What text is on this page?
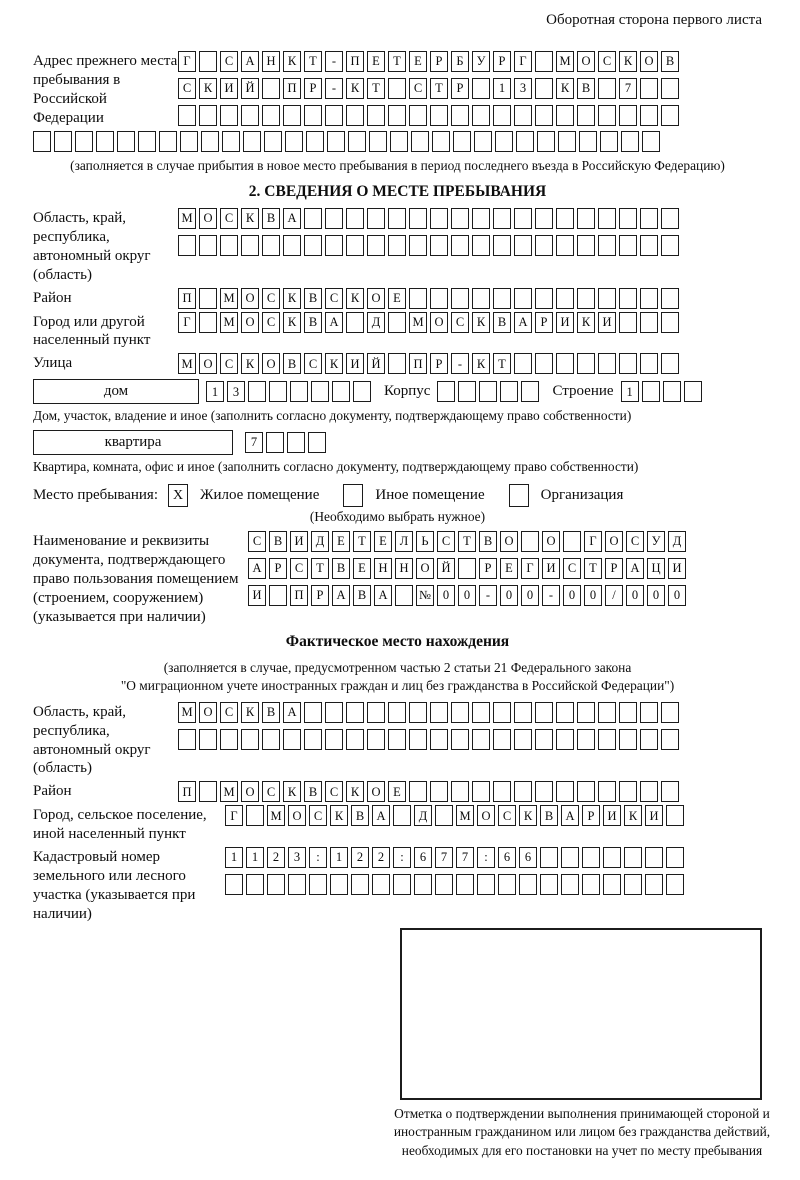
Оборотная сторона первого листа
Адрес прежнего места пребывания в Российской Федерации
Г	С А Н К	Т	-	П	Е	Т	Е	Р	Б	У	Р	Г	М О С	К О В
С	К И Й	П	Р	-	К	Т	С	Т	Р	1	3	К	В	7
(заполняется в случае прибытия в новое место пребывания в период последнего въезда в Российскую Федерацию)
2. СВЕДЕНИЯ О МЕСТЕ ПРЕБЫВАНИЯ
Область, край, республика, автономный округ (область)
М О С	К	В А
Район	П	М О С	К	В	С	К О	Е
Город или другой населенный пункт
Г	М О С	К	В А	Д	М О С	К	В А	Р	И К И
Улица	М О С	К О В	С	К И Й	П	Р	-	К	Т
дом	1	3	Корпус	Строение	1
Дом, участок, владение и иное (заполнить согласно документу, подтверждающему право собственности)
квартира	7
Квартира, комната, офис и иное (заполнить согласно документу, подтверждающему право собственности)
Место пребывания:	X	Жилое помещение	Иное помещение	Организация
(Необходимо выбрать нужное)
Наименование и реквизиты документа, подтверждающего право пользования помещением (строением, сооружением) (указывается при наличии)
С	В И Д	Е	Т	Е	Л	Ь	С	Т	В О	О	Г	О С У Д
А	Р	С	Т	В	Е	Н Н О Й	Р	Е	Г	И С	Т	Р	А Ц И
И	П	Р	А В А	№ 0	0	-	0	0	-	0	0	/	0	0	0
Фактическое место нахождения
(заполняется в случае, предусмотренном частью 2 статьи 21 Федерального закона
"О миграционном учете иностранных граждан и лиц без гражданства в Российской Федерации")
Область, край, республика, автономный округ (область)
М О С	К	В А
Район	П	М О С	К	В	С	К О	Е
Город, сельское поселение, иной населенный пункт
Г	М О С	К	В А	Д	М О С	К	В А	Р	И К И
Кадастровый номер земельного или лесного участка (указывается при наличии)
1	1	2	3	:	1	2	2	:	6	7	7	:	6	6
Отметка о подтверждении выполнения принимающей стороной и иностранным гражданином или лицом без гражданства действий, необходимых для его постановки на учет по месту пребывания
